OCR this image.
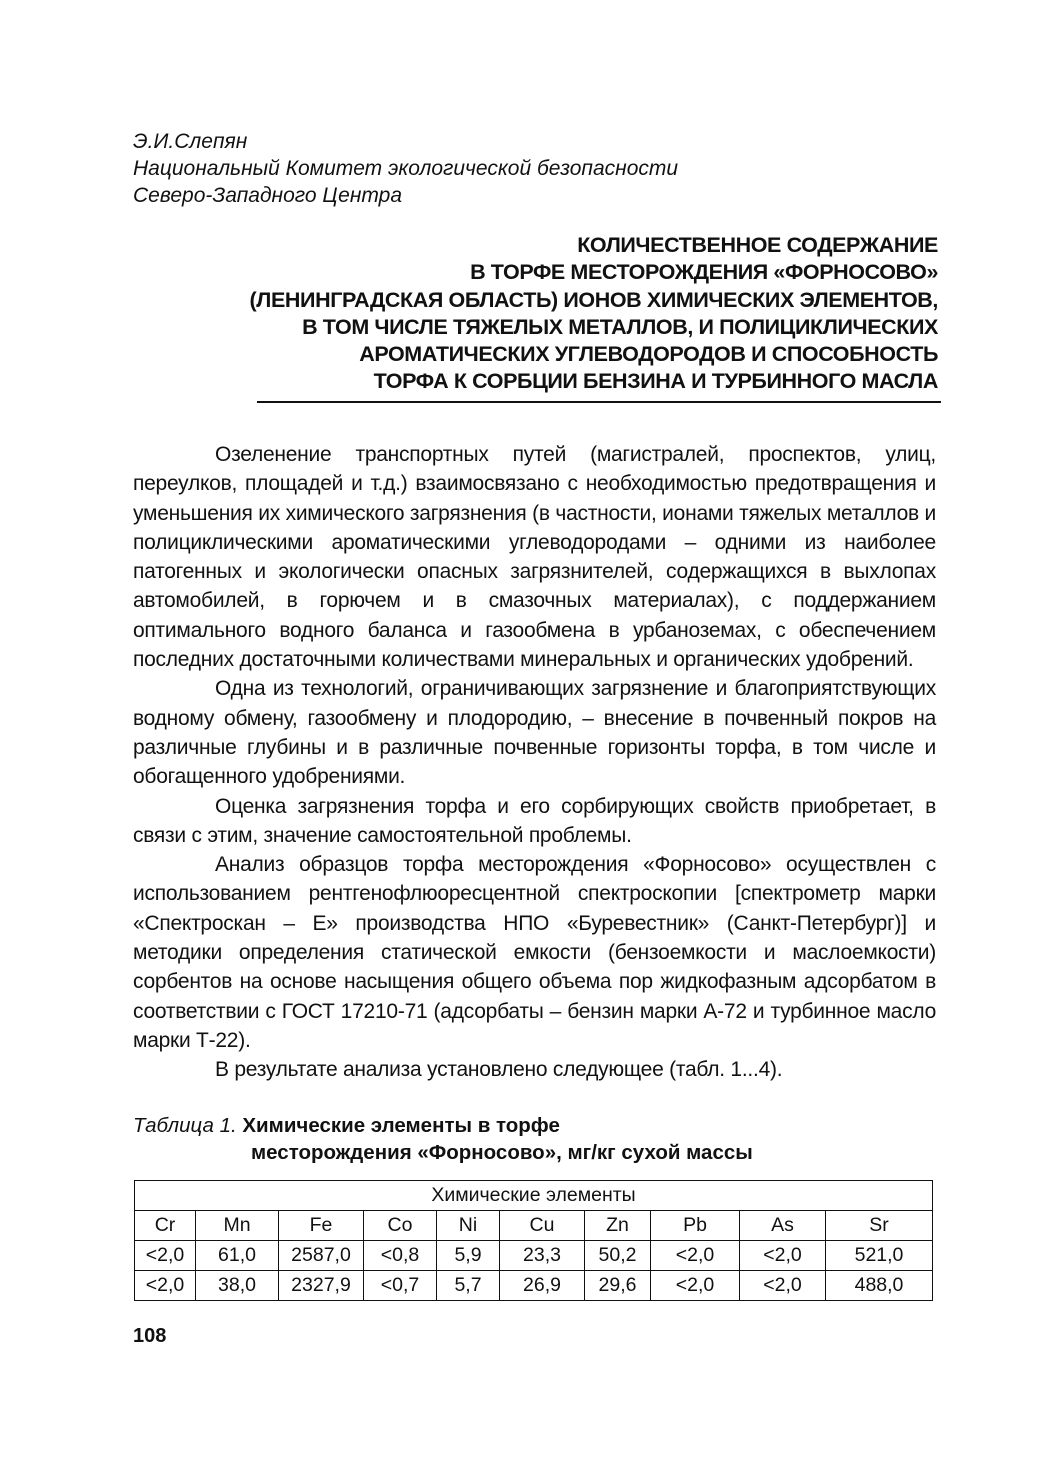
Э.И.Слепян
Национальный Комитет экологической безопасности
Северо-Западного Центра
КОЛИЧЕСТВЕННОЕ СОДЕРЖАНИЕ
В ТОРФЕ МЕСТОРОЖДЕНИЯ «ФОРНОСОВО»
(ЛЕНИНГРАДСКАЯ ОБЛАСТЬ) ИОНОВ ХИМИЧЕСКИХ ЭЛЕМЕНТОВ,
В ТОМ ЧИСЛЕ ТЯЖЕЛЫХ МЕТАЛЛОВ, И ПОЛИЦИКЛИЧЕСКИХ
АРОМАТИЧЕСКИХ УГЛЕВОДОРОДОВ И СПОСОБНОСТЬ
ТОРФА К СОРБЦИИ БЕНЗИНА И ТУРБИННОГО МАСЛА

Озеленение транспортных путей (магистралей, проспектов, улиц, переулков, площадей и т.д.) взаимосвязано с необходимостью предотвращения и уменьшения их химического загрязнения (в частности, ионами тяжелых металлов и полициклическими ароматическими углеводородами – одними из наиболее патогенных и экологически опасных загрязнителей, содержащихся в выхлопах автомобилей, в горючем и в смазочных материалах), с поддержанием оптимального водного баланса и газообмена в урбаноземах, с обеспечением последних достаточными количествами минеральных и органических удобрений.

Одна из технологий, ограничивающих загрязнение и благоприятствующих водному обмену, газообмену и плодородию, – внесение в почвенный покров на различные глубины и в различные почвенные горизонты торфа, в том числе и обогащенного удобрениями.

Оценка загрязнения торфа и его сорбирующих свойств приобретает, в связи с этим, значение самостоятельной проблемы.

Анализ образцов торфа месторождения «Форносово» осуществлен с использованием рентгенофлюоресцентной спектроскопии [спектрометр марки «Спектроскан – Е» производства НПО «Буревестник» (Санкт-Петербург)] и методики определения статической емкости (бензоемкости и маслоемкости) сорбентов на основе насыщения общего объема пор жидкофазным адсорбатом в соответствии с ГОСТ 17210-71 (адсорбаты – бензин марки А-72 и турбинное масло марки Т-22).

В результате анализа установлено следующее (табл. 1...4).

Таблица 1. Химические элементы в торфе
месторождения «Форносово», мг/кг сухой массы
Химические элементы									
Cr	Mn	Fe	Co	Ni	Cu	Zn	Pb	As	Sr
<2,0	61,0	2587,0	<0,8	5,9	23,3	50,2	<2,0	<2,0	521,0
<2,0	38,0	2327,9	<0,7	5,7	26,9	29,6	<2,0	<2,0	488,0
108
